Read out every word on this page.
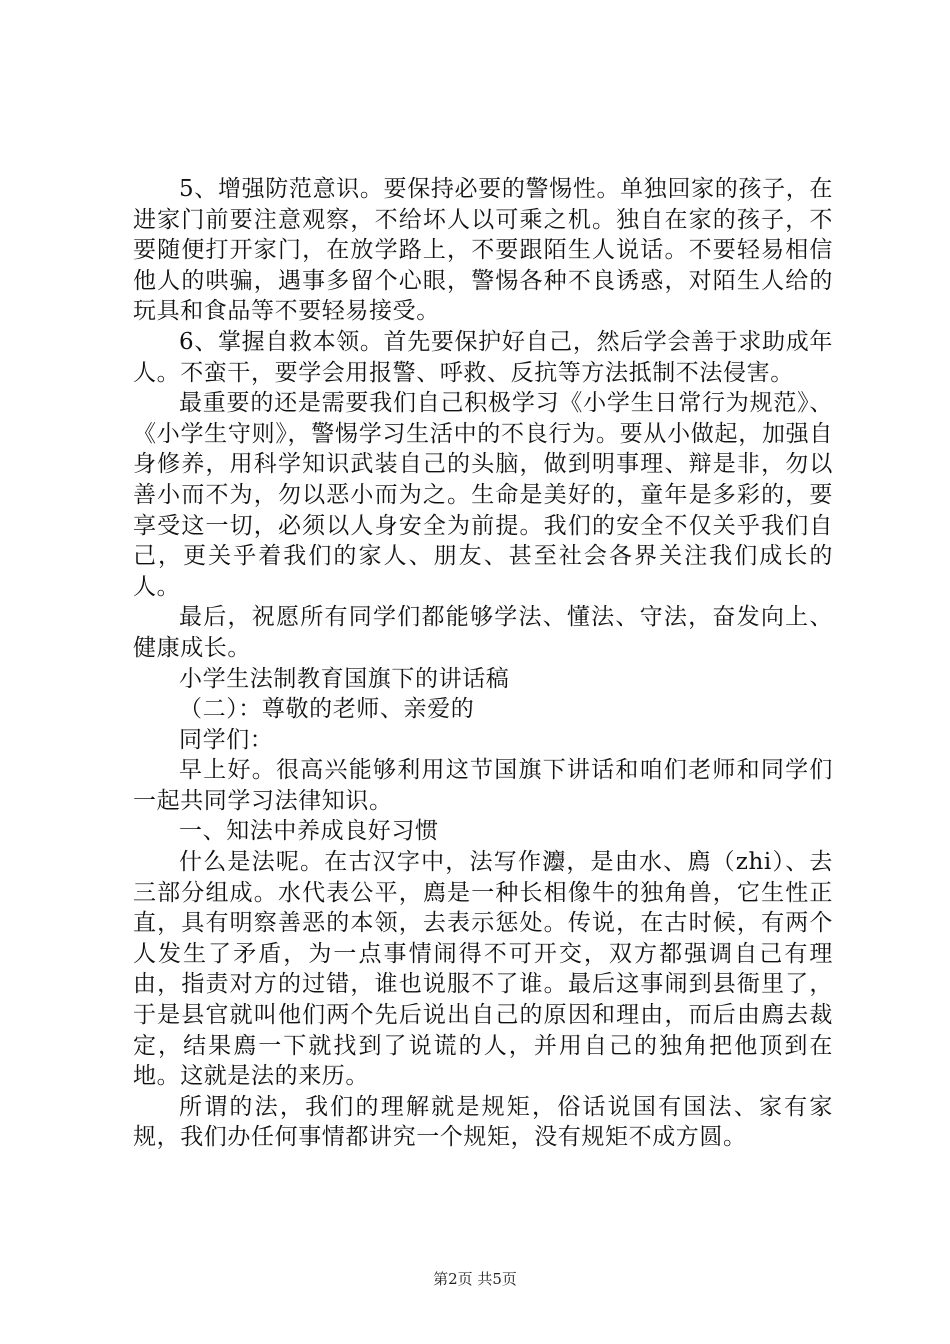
5、增强防范意识。要保持必要的警惕性。单独回家的孩子，在进家门前要注意观察，不给坏人以可乘之机。独自在家的孩子，不要随便打开家门，在放学路上，不要跟陌生人说话。不要轻易相信他人的哄骗，遇事多留个心眼，警惕各种不良诱惑，对陌生人给的玩具和食品等不要轻易接受。

6、掌握自救本领。首先要保护好自己，然后学会善于求助成年人。不蛮干，要学会用报警、呼救、反抗等方法抵制不法侵害。

最重要的还是需要我们自己积极学习《小学生日常行为规范》、《小学生守则》，警惕学习生活中的不良行为。要从小做起，加强自身修养，用科学知识武装自己的头脑，做到明事理、辩是非，勿以善小而不为，勿以恶小而为之。生命是美好的，童年是多彩的，要享受这一切，必须以人身安全为前提。我们的安全不仅关乎我们自己，更关乎着我们的家人、朋友、甚至社会各界关注我们成长的人。

最后，祝愿所有同学们都能够学法、懂法、守法，奋发向上、健康成长。

小学生法制教育国旗下的讲话稿

（二）：尊敬的老师、亲爱的

同学们：

早上好。很高兴能够利用这节国旗下讲话和咱们老师和同学们一起共同学习法律知识。

一、知法中养成良好习惯

什么是法呢。在古汉字中，法写作灋，是由水、廌（zhi）、去三部分组成。水代表公平，廌是一种长相像牛的独角兽，它生性正直，具有明察善恶的本领，去表示惩处。传说，在古时候，有两个人发生了矛盾，为一点事情闹得不可开交，双方都强调自己有理由，指责对方的过错，谁也说服不了谁。最后这事闹到县衙里了，于是县官就叫他们两个先后说出自己的原因和理由，而后由廌去裁定，结果廌一下就找到了说谎的人，并用自己的独角把他顶到在地。这就是法的来历。

所谓的法，我们的理解就是规矩，俗话说国有国法、家有家规，我们办任何事情都讲究一个规矩，没有规矩不成方圆。

第2页 共5页
